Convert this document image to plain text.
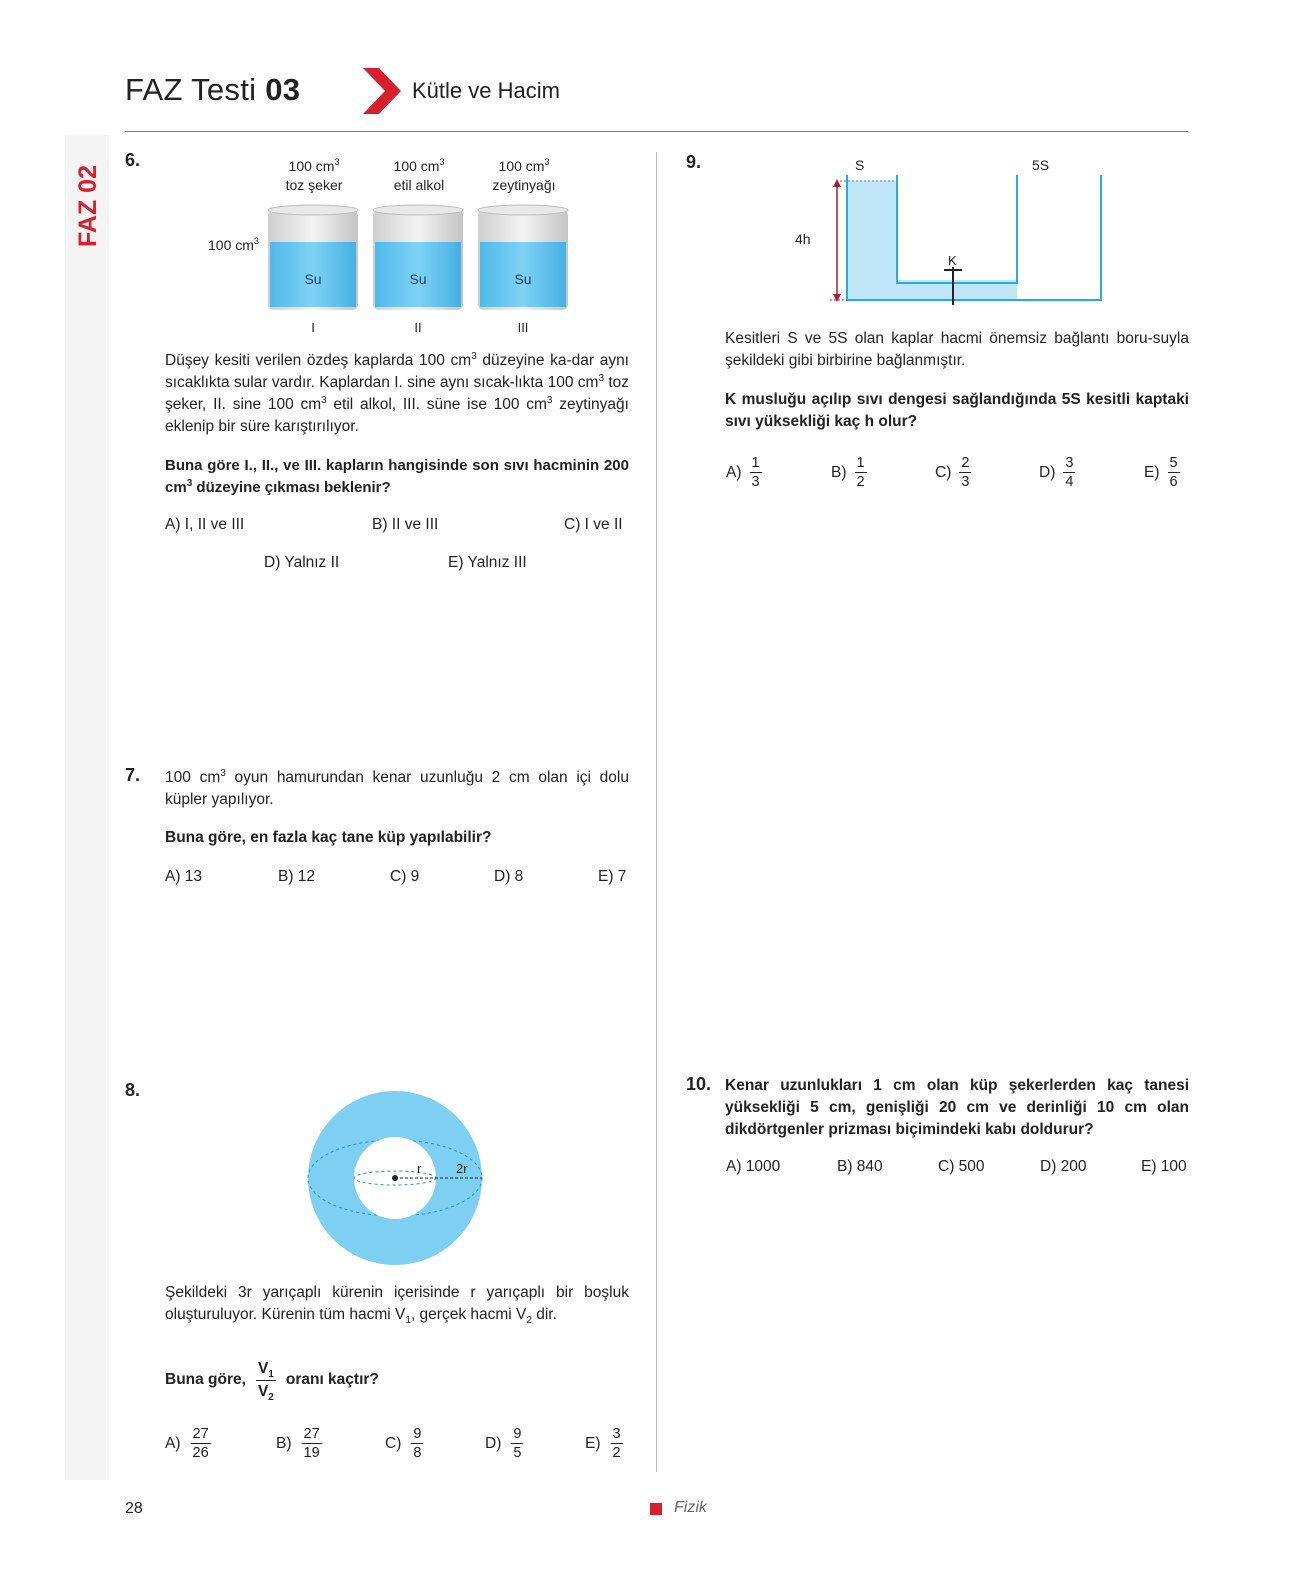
FAZ 02
FAZ Testi 03	Kütle ve Hacim
6.	100 $cm^3$
toz şeker
100 $cm^3$
etil alkol
100 $cm^3$
zeytinyağı
100 $cm^3$
Su	Su	Su
I	II	III
Düşey kesiti verilen özdeş kaplarda 100 $cm^3$ düzeyine ka-dar aynı sıcaklıkta sular vardır. Kaplardan I. sine aynı sıcak-lıkta 100 $cm^3$ toz şeker, II. sine 100 $cm^3$ etil alkol, III. süne ise 100 $cm^3$ zeytinyağı eklenip bir süre karıştırılıyor.
Buna göre I., II., ve III. kapların hangisinde son sıvı hacminin 200 $cm^3$ düzeyine çıkması beklenir?
A) I, II ve III	B) II ve III	C) I ve II
D) Yalnız II	E) Yalnız III
7. 100 $cm^3$ oyun hamurundan kenar uzunluğu 2 cm olan içi dolu küpler yapılıyor.
Buna göre, en fazla kaç tane küp yapılabilir?
A) 13	B) 12	C) 9	D) 8	E) 7
8.
r	2r
Şekildeki 3r yarıçaplı kürenin içerisinde r yarıçaplı bir boşluk oluşturuluyor. Kürenin tüm hacmi $V_1$, gerçek hacmi $V_2$ dir.
Buna göre, $\frac{V_1}{V_2}$ oranı kaçtır?
$A) \frac{27}{26}$	$B) \frac{27}{19}$	$C) \frac{9}{8}$	$D) \frac{9}{5}$	$E) \frac{3}{2}$
9.
4h
K
S	5S
Kesitleri S ve 5S olan kaplar hacmi önemsiz bağlantı boru-suyla şekildeki gibi birbirine bağlanmıştır.
K musluğu açılıp sıvı dengesi sağlandığında 5S kesitli kaptaki sıvı yüksekliği kaç h olur?
$A) \frac{1}{3}$	$B) \frac{1}{2}$	$C) \frac{2}{3}$	$D) \frac{3}{4}$	$E) \frac{5}{6}$
10. Kenar uzunlukları 1 cm olan küp şekerlerden kaç tanesi yüksekliği 5 cm, genişliği 20 cm ve derinliği 10 cm olan dikdörtgenler prizması biçimindeki kabı doldurur?
A) 1000	B) 840	C) 500	D) 200	E) 100
28	Fizik
